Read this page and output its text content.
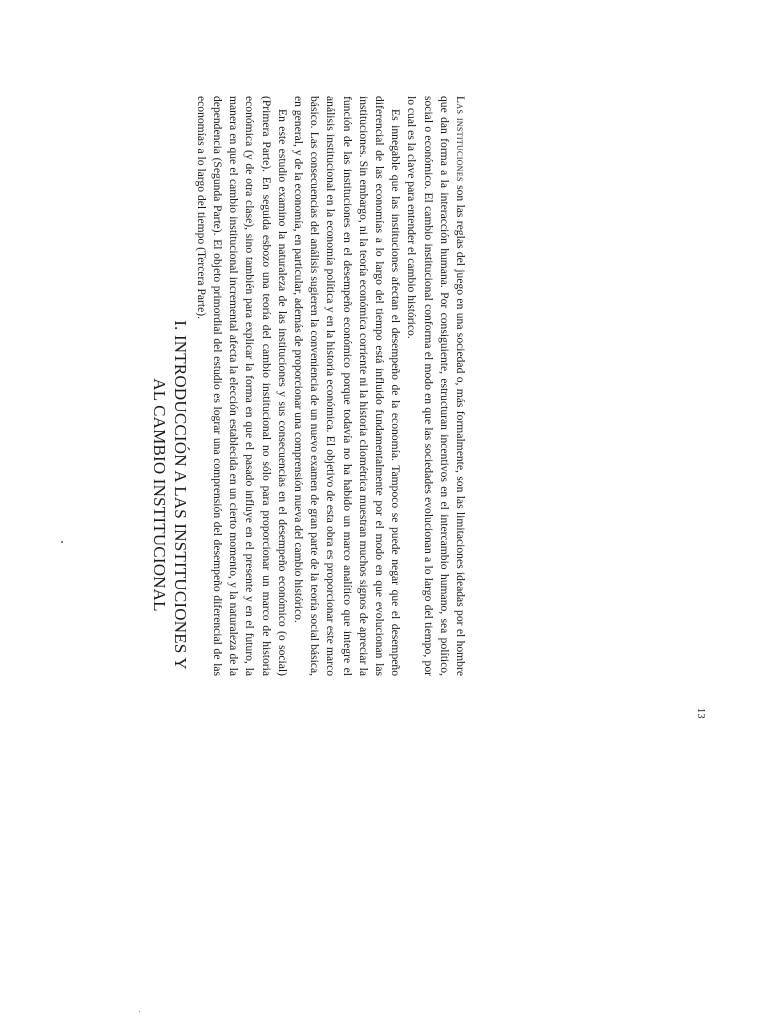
I. INTRODUCCIÓN A LAS INSTITUCIONES Y
AL CAMBIO INSTITUCIONAL

Las instituciones son las reglas del juego en una sociedad o, más formalmente, son las limitaciones ideadas por el hombre que dan forma a la interacción humana. Por consiguiente, estructuran incentivos en el intercambio humano, sea político, social o económico. El cambio institucional conforma el modo en que las sociedades evolucionan a lo largo del tiempo, por lo cual es la clave para entender el cambio histórico.

Es innegable que las instituciones afectan el desempeño de la economía. Tampoco se puede negar que el desempeño diferencial de las economías a lo largo del tiempo está influido fundamentalmente por el modo en que evolucionan las instituciones. Sin embargo, ni la teoría económica corriente ni la historia cliométrica muestran muchos signos de apreciar la función de las instituciones en el desempeño económico porque todavía no ha habido un marco analítico que integre el análisis institucional en la economía política y en la historia económica. El objetivo de esta obra es proporcionar este marco básico. Las consecuencias del análisis sugieren la conveniencia de un nuevo examen de gran parte de la teoría social básica, en general, y de la economía, en particular, además de proporcionar una comprensión nueva del cambio histórico.

En este estudio examino la naturaleza de las instituciones y sus consecuencias en el desempeño económico (o social) (Primera Parte). En seguida esbozo una teoría del cambio institucional no sólo para proporcionar un marco de historia económica (y de otra clase), sino también para explicar la forma en que el pasado influye en el presente y en el futuro, la manera en que el cambio institucional incremental afecta la elección establecida en un cierto momento, y la naturaleza de la dependencia (Segunda Parte). El objeto primordial del estudio es lograr una comprensión del desempeño diferencial de las economías a lo largo del tiempo (Tercera Parte).

13
